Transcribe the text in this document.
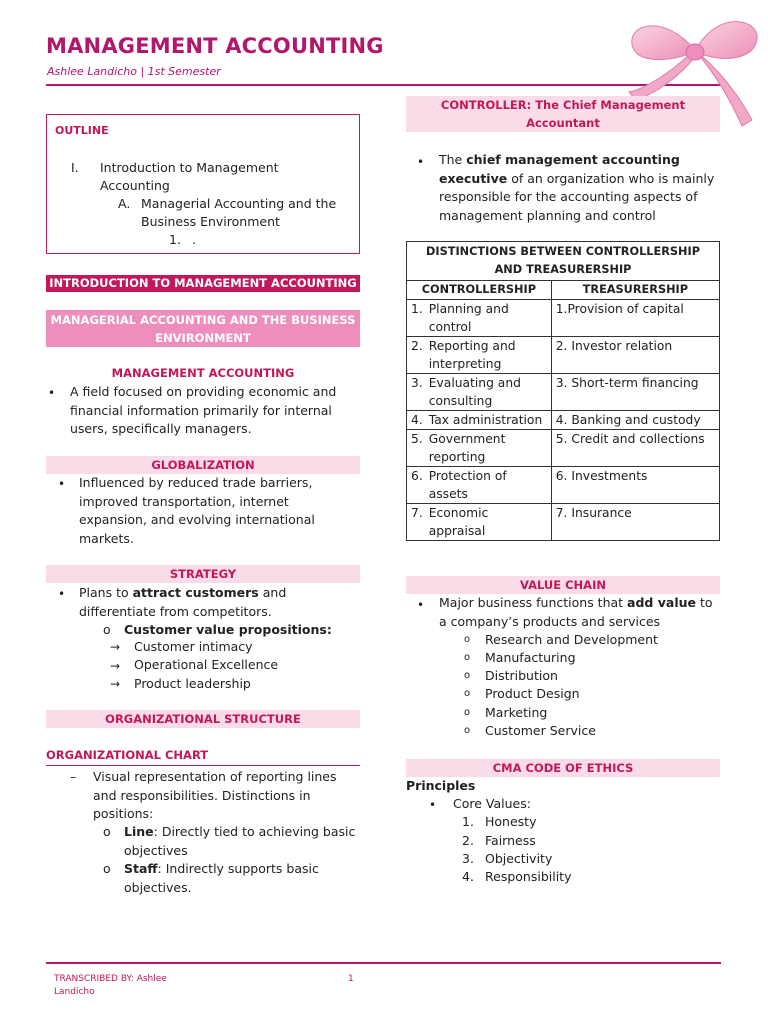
MANAGEMENT ACCOUNTING
Ashlee Landicho | 1st Semester
OUTLINE
I. Introduction to Management Accounting
A. Managerial Accounting and the Business Environment
1. .
INTRODUCTION TO MANAGEMENT ACCOUNTING
MANAGERIAL ACCOUNTING AND THE BUSINESS ENVIRONMENT
MANAGEMENT ACCOUNTING
• A field focused on providing economic and financial information primarily for internal users, specifically managers.
GLOBALIZATION
• Influenced by reduced trade barriers, improved transportation, internet expansion, and evolving international markets.
STRATEGY
• Plans to attract customers and differentiate from competitors.
o Customer value propositions:
→ Customer intimacy
→ Operational Excellence
→ Product leadership
ORGANIZATIONAL STRUCTURE
ORGANIZATIONAL CHART
– Visual representation of reporting lines and responsibilities. Distinctions in positions:
o Line: Directly tied to achieving basic objectives
o Staff: Indirectly supports basic objectives.
CONTROLLER: The Chief Management Accountant
• The chief management accounting executive of an organization who is mainly responsible for the accounting aspects of management planning and control
DISTINCTIONS BETWEEN CONTROLLERSHIP AND TREASURERSHIP		
CONTROLLERSHIP		TREASURERSHIP
1.	Planning and control	1.Provision of capital
2.	Reporting and interpreting	2. Investor relation
3.	Evaluating and consulting	3. Short-term financing
4.	Tax administration	4. Banking and custody
5.	Government reporting	5. Credit and collections
6.	Protection of assets	6. Investments
7.	Economic appraisal	7. Insurance
VALUE CHAIN
• Major business functions that add value to a company’s products and services
o Research and Development
o Manufacturing
o Distribution
o Product Design
o Marketing
o Customer Service
CMA CODE OF ETHICS
Principles
• Core Values:
1. Honesty
2. Fairness
3. Objectivity
4. Responsibility
TRANSCRIBED BY: Ashlee
Landicho
1
